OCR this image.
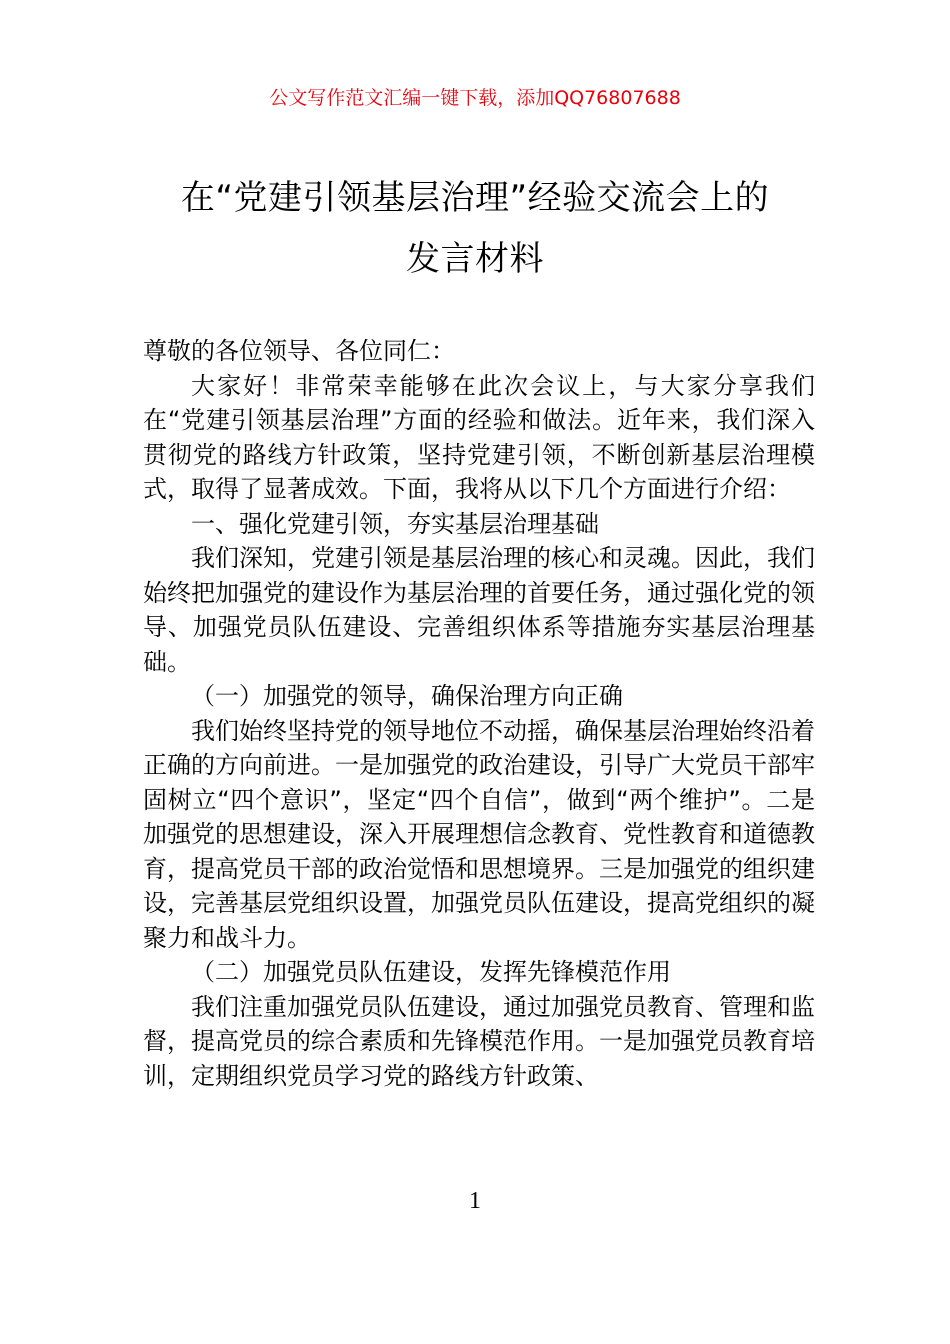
公文写作范文汇编一键下载，添加QQ76807688
在“党建引领基层治理”经验交流会上的
发言材料

尊敬的各位领导、各位同仁：

大家好！非常荣幸能够在此次会议上，与大家分享我们在“党建引领基层治理”方面的经验和做法。近年来，我们深入贯彻党的路线方针政策，坚持党建引领，不断创新基层治理模式，取得了显著成效。下面，我将从以下几个方面进行介绍：

一、强化党建引领，夯实基层治理基础

我们深知，党建引领是基层治理的核心和灵魂。因此，我们始终把加强党的建设作为基层治理的首要任务，通过强化党的领导、加强党员队伍建设、完善组织体系等措施夯实基层治理基础。

（一）加强党的领导，确保治理方向正确

我们始终坚持党的领导地位不动摇，确保基层治理始终沿着正确的方向前进。一是加强党的政治建设，引导广大党员干部牢固树立“四个意识”，坚定“四个自信”，做到“两个维护”。二是加强党的思想建设，深入开展理想信念教育、党性教育和道德教育，提高党员干部的政治觉悟和思想境界。三是加强党的组织建设，完善基层党组织设置，加强党员队伍建设，提高党组织的凝聚力和战斗力。

（二）加强党员队伍建设，发挥先锋模范作用

我们注重加强党员队伍建设，通过加强党员教育、管理和监督，提高党员的综合素质和先锋模范作用。一是加强党员教育培训，定期组织党员学习党的路线方针政策、

1
